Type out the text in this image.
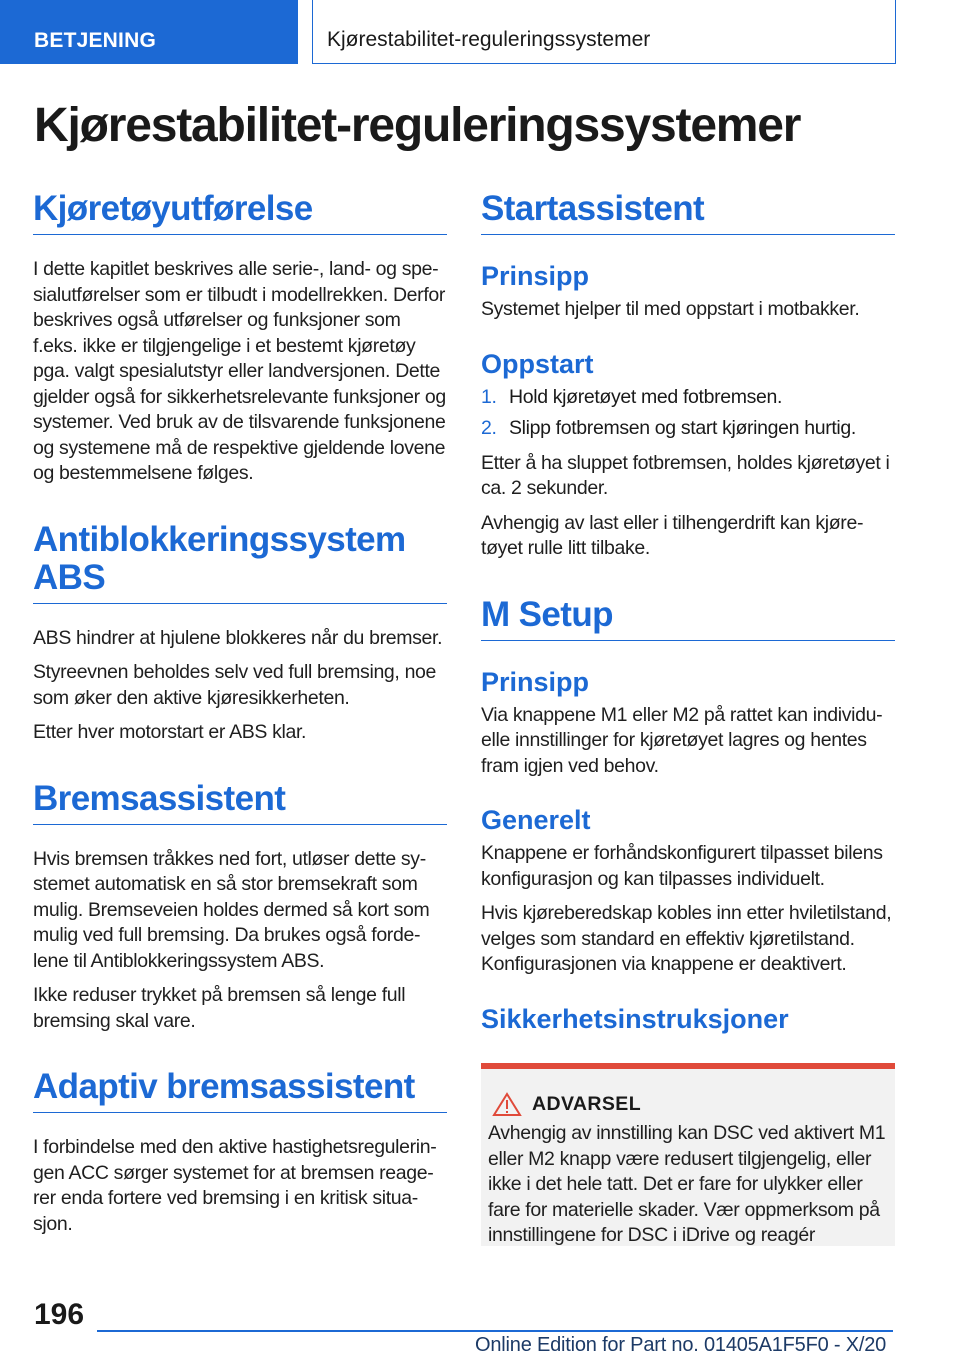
BETJENING	Kjørestabilitet-reguleringssystemer
Kjørestabilitet-reguleringssystemer
Kjøretøyutførelse

I dette kapitlet beskrives alle serie-, land- og spesialutførelser som er tilbudt i modellrekken. Derfor beskrives også utførelser og funksjoner som f.eks. ikke er tilgjengelige i et bestemt kjøretøy pga. valgt spesialutstyr eller landversjonen. Dette gjelder også for sikkerhetsrelevante funksjoner og systemer. Ved bruk av de tilsvarende funksjonene og systemene må de respektive gjeldende lovene og bestemmelsene følges.

Antiblokkeringssystem ABS

ABS hindrer at hjulene blokkeres når du bremser.

Styreevnen beholdes selv ved full bremsing, noe som øker den aktive kjøresikkerheten.

Etter hver motorstart er ABS klar.

Bremsassistent

Hvis bremsen tråkkes ned fort, utløser dette systemet automatisk en så stor bremsekraft som mulig. Bremseveien holdes dermed så kort som mulig ved full bremsing. Da brukes også fordelene til Antiblokkeringssystem ABS.

Ikke reduser trykket på bremsen så lenge full bremsing skal vare.

Adaptiv bremsassistent

I forbindelse med den aktive hastighetsreguleringen ACC sørger systemet for at bremsen reagerer enda fortere ved bremsing i en kritisk situasjon.

Startassistent
Prinsipp

Systemet hjelper til med oppstart i motbakker.

Oppstart
1. Hold kjøretøyet med fotbremsen.
2. Slipp fotbremsen og start kjøringen hurtig.

Etter å ha sluppet fotbremsen, holdes kjøretøyet i ca. 2 sekunder.

Avhengig av last eller i tilhengerdrift kan kjøretøyet rulle litt tilbake.

M Setup
Prinsipp

Via knappene M1 eller M2 på rattet kan individuelle innstillinger for kjøretøyet lagres og hentes fram igjen ved behov.

Generelt

Knappene er forhåndskonfigurert tilpasset bilens konfigurasjon og kan tilpasses individuelt.

Hvis kjøreberedskap kobles inn etter hviletilstand, velges som standard en effektiv kjøretilstand. Konfigurasjonen via knappene er deaktivert.

Sikkerhetsinstruksjoner
ADVARSEL

Avhengig av innstilling kan DSC ved aktivert M1 eller M2 knapp være redusert tilgjengelig, eller ikke i det hele tatt. Det er fare for ulykker eller fare for materielle skader. Vær oppmerksom på innstillingene for DSC i iDrive og reagér

196
Online Edition for Part no. 01405A1F5F0 - X/20
